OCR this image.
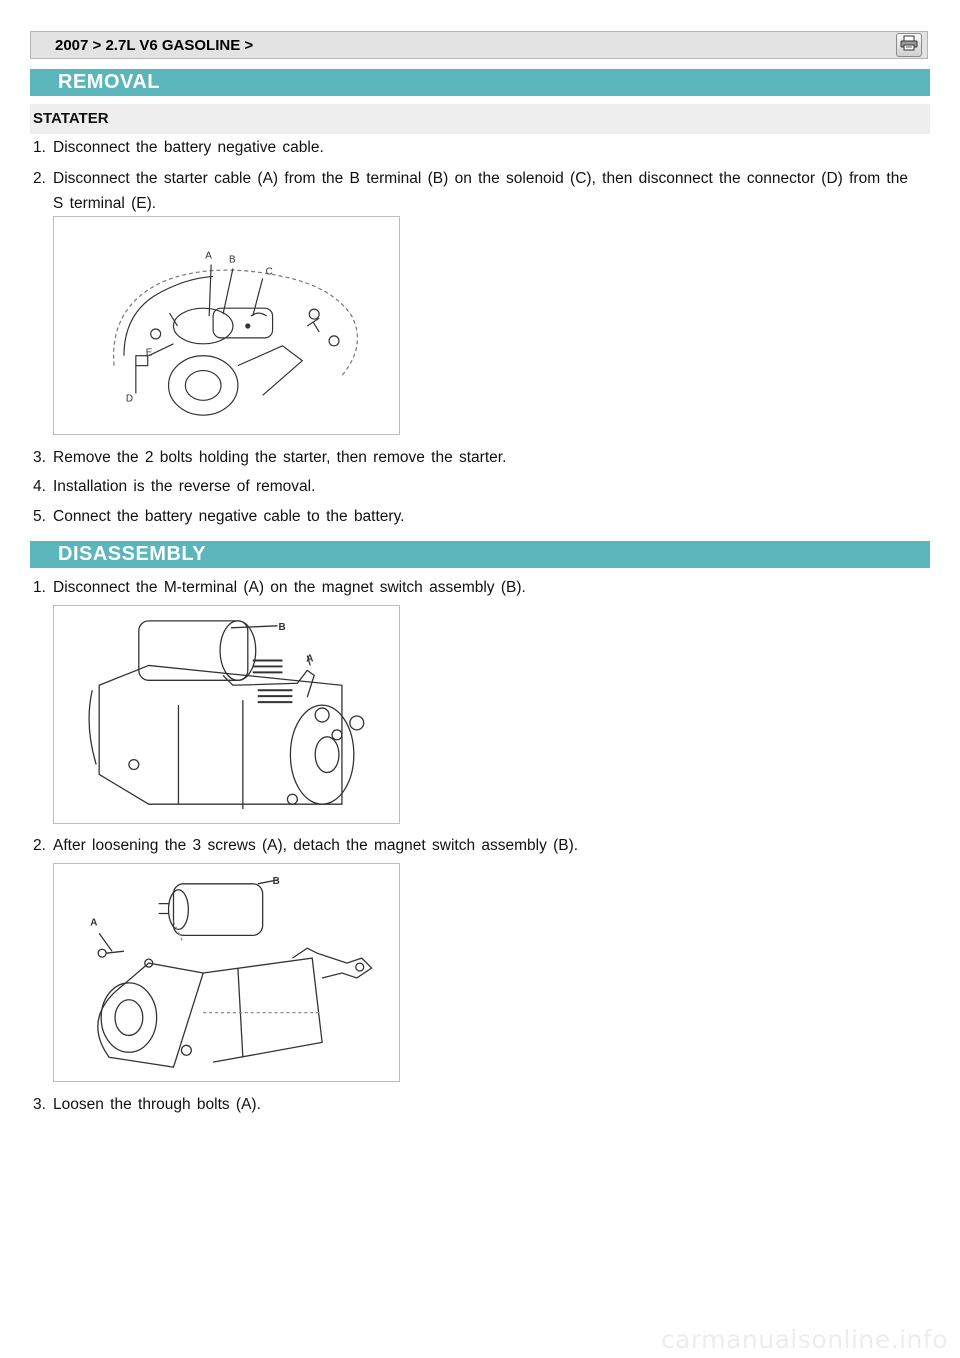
2007 > 2.7L V6 GASOLINE >
REMOVAL
STATATER
1. Disconnect the battery negative cable.
2. Disconnect the starter cable (A) from the B terminal (B) on the solenoid (C), then disconnect the connector (D) from the S terminal (E).
A B
C
E
D
3. Remove the 2 bolts holding the starter, then remove the starter.
4. Installation is the reverse of removal.
5. Connect the battery negative cable to the battery.
DISASSEMBLY
1. Disconnect the M-terminal (A) on the magnet switch assembly (B).
B
A
2. After loosening the 3 screws (A), detach the magnet switch assembly (B).
B
A
3. Loosen the through bolts (A).
carmanualsonline.info
